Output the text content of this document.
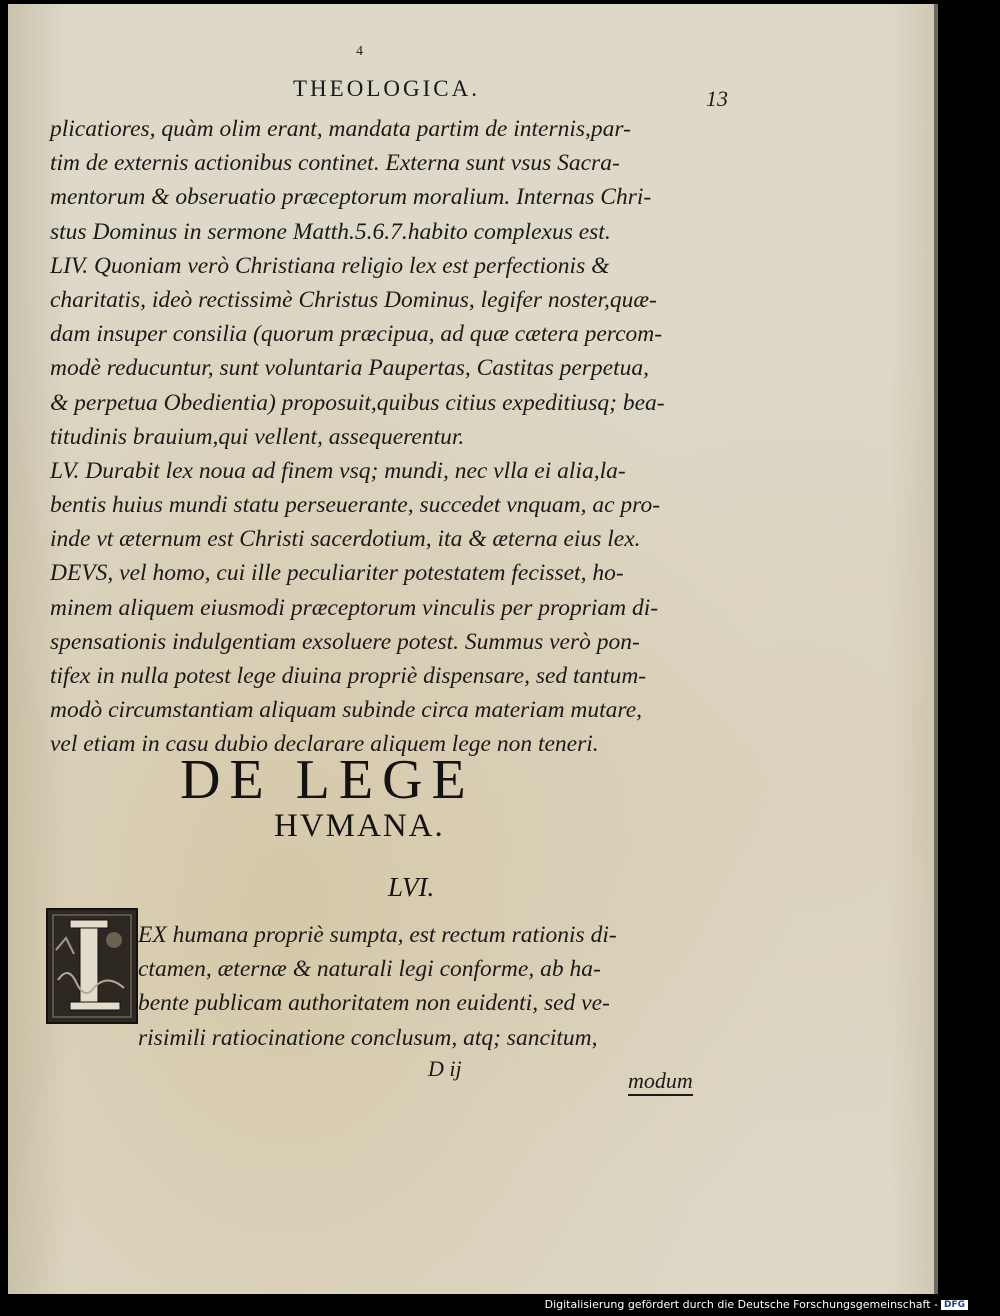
4
THEOLOGICA.	13
plicatiores, quàm olim erant, mandata partim de internis,par-
tim de externis actionibus continet. Externa sunt vsus Sacra-
mentorum & obseruatio præceptorum moralium. Internas Chri-
stus Dominus in sermone Matth.5.6.7.habito complexus est.
LIV. Quoniam verò Christiana religio lex est perfectionis &
charitatis, ideò rectissimè Christus Dominus, legifer noster,quæ-
dam insuper consilia (quorum præcipua, ad quæ cætera percom-
modè reducuntur, sunt voluntaria Paupertas, Castitas perpetua,
& perpetua Obedientia) proposuit,quibus citius expeditiusq; bea-
titudinis brauium,qui vellent, assequerentur.
LV. Durabit lex noua ad finem vsq; mundi, nec vlla ei alia,la-
bentis huius mundi statu perseuerante, succedet vnquam, ac pro-
inde vt æternum est Christi sacerdotium, ita & æterna eius lex.
DEVS, vel homo, cui ille peculiariter potestatem fecisset, ho-
minem aliquem eiusmodi præceptorum vinculis per propriam di-
spensationis indulgentiam exsoluere potest. Summus verò pon-
tifex in nulla potest lege diuina propriè dispensare, sed tantum-
modò circumstantiam aliquam subinde circa materiam mutare,
vel etiam in casu dubio declarare aliquem lege non teneri.
DE LEGE
HVMANA.
LVI.
EX humana propriè sumpta, est rectum rationis di-
ctamen, æternæ & naturali legi conforme, ab ha-
bente publicam authoritatem non euidenti, sed ve-
risimili ratiocinatione conclusum, atq; sancitum,
D ij	modum
Digitalisierung gefördert durch die Deutsche Forschungsgemeinschaft - DFG
